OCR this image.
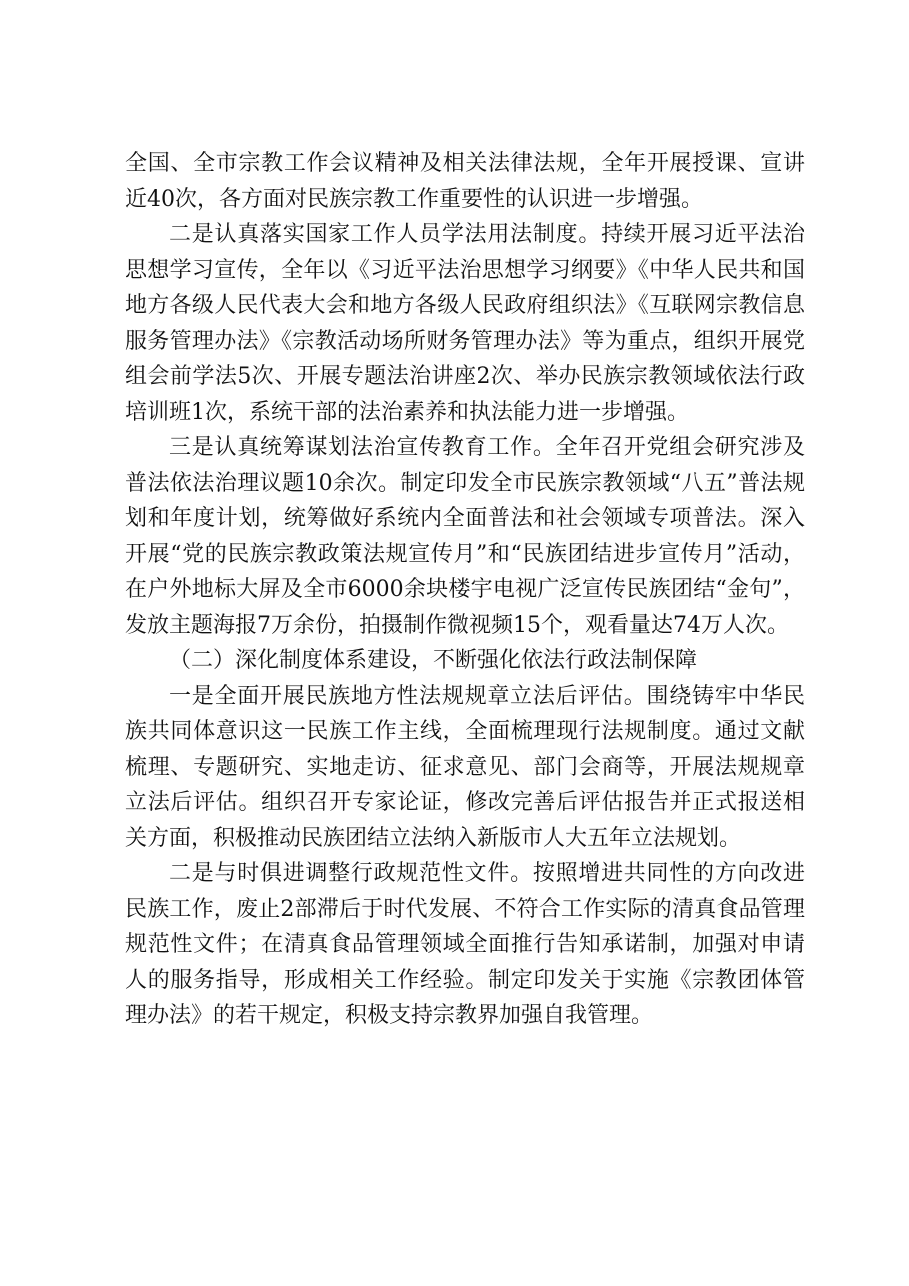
全国、全市宗教工作会议精神及相关法律法规，全年开展授课、宣讲近40次，各方面对民族宗教工作重要性的认识进一步增强。

二是认真落实国家工作人员学法用法制度。持续开展习近平法治思想学习宣传，全年以《习近平法治思想学习纲要》《中华人民共和国地方各级人民代表大会和地方各级人民政府组织法》《互联网宗教信息服务管理办法》《宗教活动场所财务管理办法》等为重点，组织开展党组会前学法5次、开展专题法治讲座2次、举办民族宗教领域依法行政培训班1次，系统干部的法治素养和执法能力进一步增强。

三是认真统筹谋划法治宣传教育工作。全年召开党组会研究涉及普法依法治理议题10余次。制定印发全市民族宗教领域“八五”普法规划和年度计划，统筹做好系统内全面普法和社会领域专项普法。深入开展“党的民族宗教政策法规宣传月”和“民族团结进步宣传月”活动，在户外地标大屏及全市6000余块楼宇电视广泛宣传民族团结“金句”，发放主题海报7万余份，拍摄制作微视频15个，观看量达74万人次。

（二）深化制度体系建设，不断强化依法行政法制保障

一是全面开展民族地方性法规规章立法后评估。围绕铸牢中华民族共同体意识这一民族工作主线，全面梳理现行法规制度。通过文献梳理、专题研究、实地走访、征求意见、部门会商等，开展法规规章立法后评估。组织召开专家论证，修改完善后评估报告并正式报送相关方面，积极推动民族团结立法纳入新版市人大五年立法规划。

二是与时俱进调整行政规范性文件。按照增进共同性的方向改进民族工作，废止2部滞后于时代发展、不符合工作实际的清真食品管理规范性文件；在清真食品管理领域全面推行告知承诺制，加强对申请人的服务指导，形成相关工作经验。制定印发关于实施《宗教团体管理办法》的若干规定，积极支持宗教界加强自我管理。
